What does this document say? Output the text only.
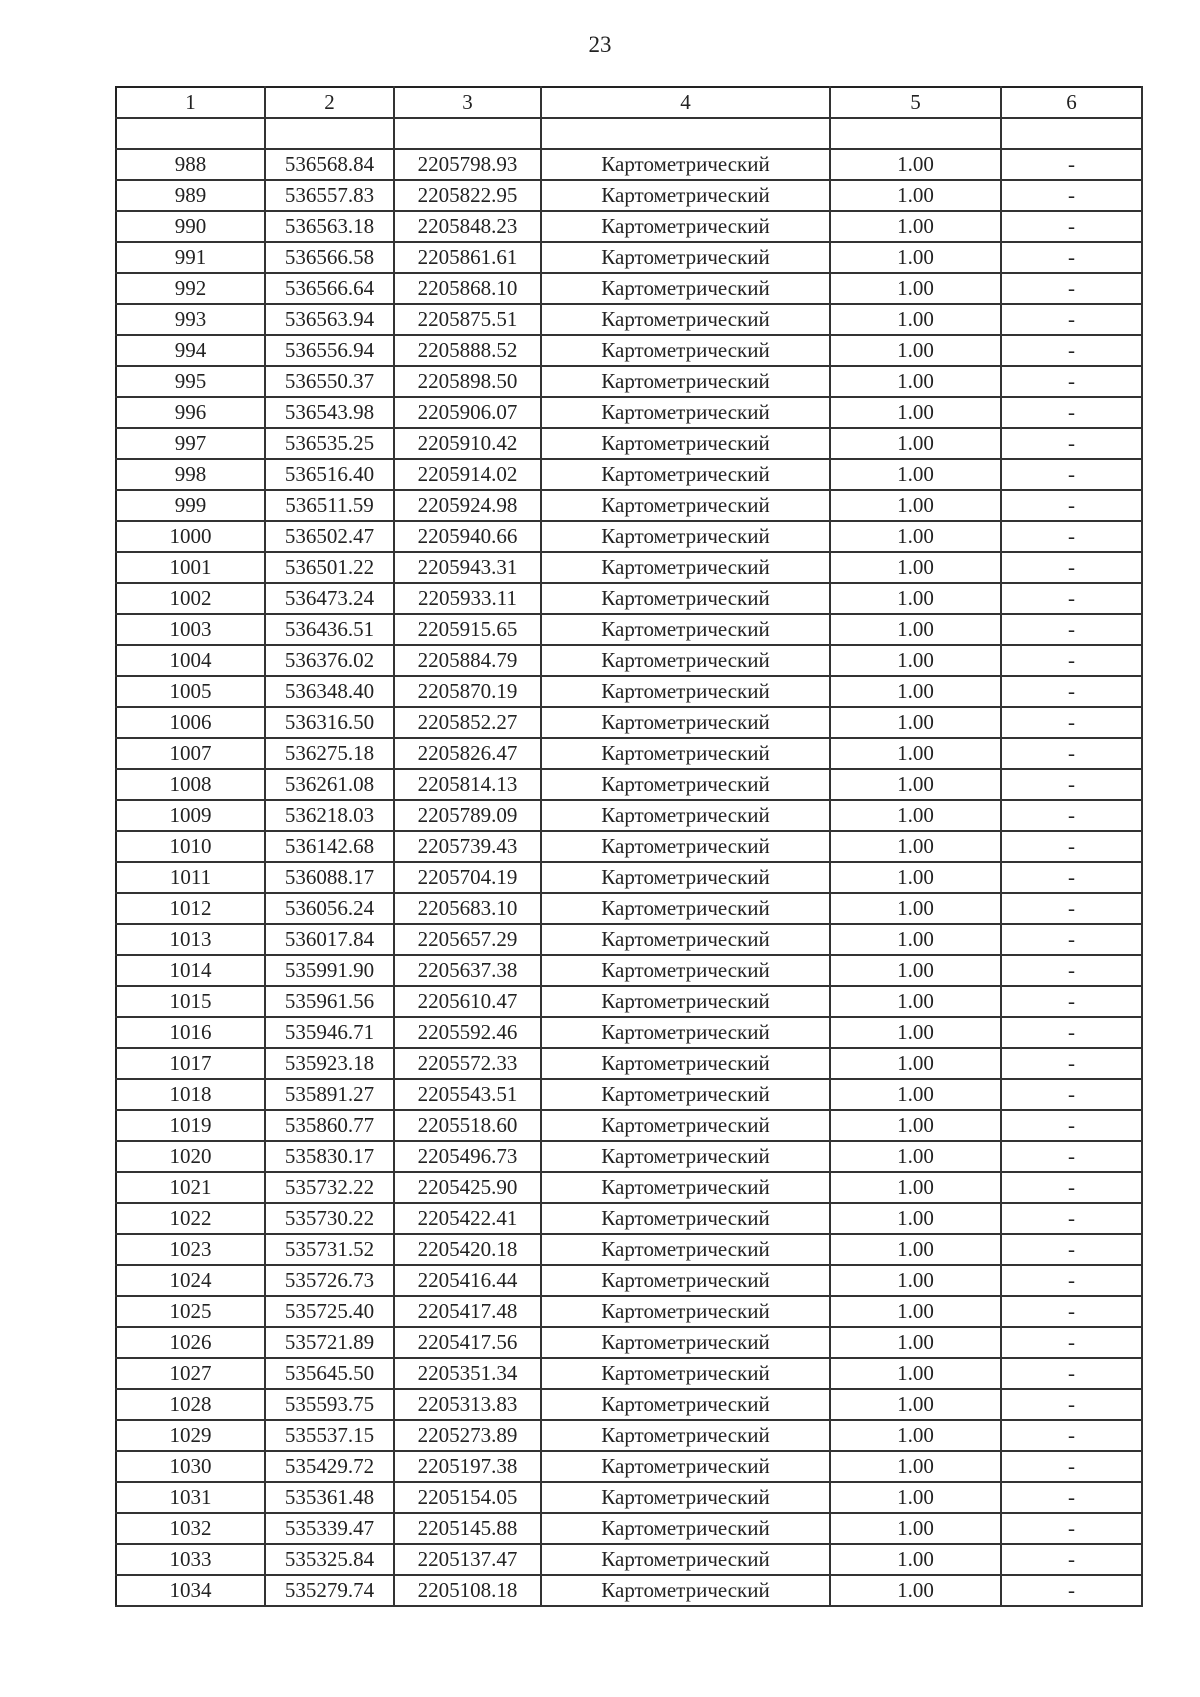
23
1	2	3	4	5	6

988	536568.84	2205798.93	Картометрический	1.00	-
989	536557.83	2205822.95	Картометрический	1.00	-
990	536563.18	2205848.23	Картометрический	1.00	-
991	536566.58	2205861.61	Картометрический	1.00	-
992	536566.64	2205868.10	Картометрический	1.00	-
993	536563.94	2205875.51	Картометрический	1.00	-
994	536556.94	2205888.52	Картометрический	1.00	-
995	536550.37	2205898.50	Картометрический	1.00	-
996	536543.98	2205906.07	Картометрический	1.00	-
997	536535.25	2205910.42	Картометрический	1.00	-
998	536516.40	2205914.02	Картометрический	1.00	-
999	536511.59	2205924.98	Картометрический	1.00	-
1000	536502.47	2205940.66	Картометрический	1.00	-
1001	536501.22	2205943.31	Картометрический	1.00	-
1002	536473.24	2205933.11	Картометрический	1.00	-
1003	536436.51	2205915.65	Картометрический	1.00	-
1004	536376.02	2205884.79	Картометрический	1.00	-
1005	536348.40	2205870.19	Картометрический	1.00	-
1006	536316.50	2205852.27	Картометрический	1.00	-
1007	536275.18	2205826.47	Картометрический	1.00	-
1008	536261.08	2205814.13	Картометрический	1.00	-
1009	536218.03	2205789.09	Картометрический	1.00	-
1010	536142.68	2205739.43	Картометрический	1.00	-
1011	536088.17	2205704.19	Картометрический	1.00	-
1012	536056.24	2205683.10	Картометрический	1.00	-
1013	536017.84	2205657.29	Картометрический	1.00	-
1014	535991.90	2205637.38	Картометрический	1.00	-
1015	535961.56	2205610.47	Картометрический	1.00	-
1016	535946.71	2205592.46	Картометрический	1.00	-
1017	535923.18	2205572.33	Картометрический	1.00	-
1018	535891.27	2205543.51	Картометрический	1.00	-
1019	535860.77	2205518.60	Картометрический	1.00	-
1020	535830.17	2205496.73	Картометрический	1.00	-
1021	535732.22	2205425.90	Картометрический	1.00	-
1022	535730.22	2205422.41	Картометрический	1.00	-
1023	535731.52	2205420.18	Картометрический	1.00	-
1024	535726.73	2205416.44	Картометрический	1.00	-
1025	535725.40	2205417.48	Картометрический	1.00	-
1026	535721.89	2205417.56	Картометрический	1.00	-
1027	535645.50	2205351.34	Картометрический	1.00	-
1028	535593.75	2205313.83	Картометрический	1.00	-
1029	535537.15	2205273.89	Картометрический	1.00	-
1030	535429.72	2205197.38	Картометрический	1.00	-
1031	535361.48	2205154.05	Картометрический	1.00	-
1032	535339.47	2205145.88	Картометрический	1.00	-
1033	535325.84	2205137.47	Картометрический	1.00	-
1034	535279.74	2205108.18	Картометрический	1.00	-
